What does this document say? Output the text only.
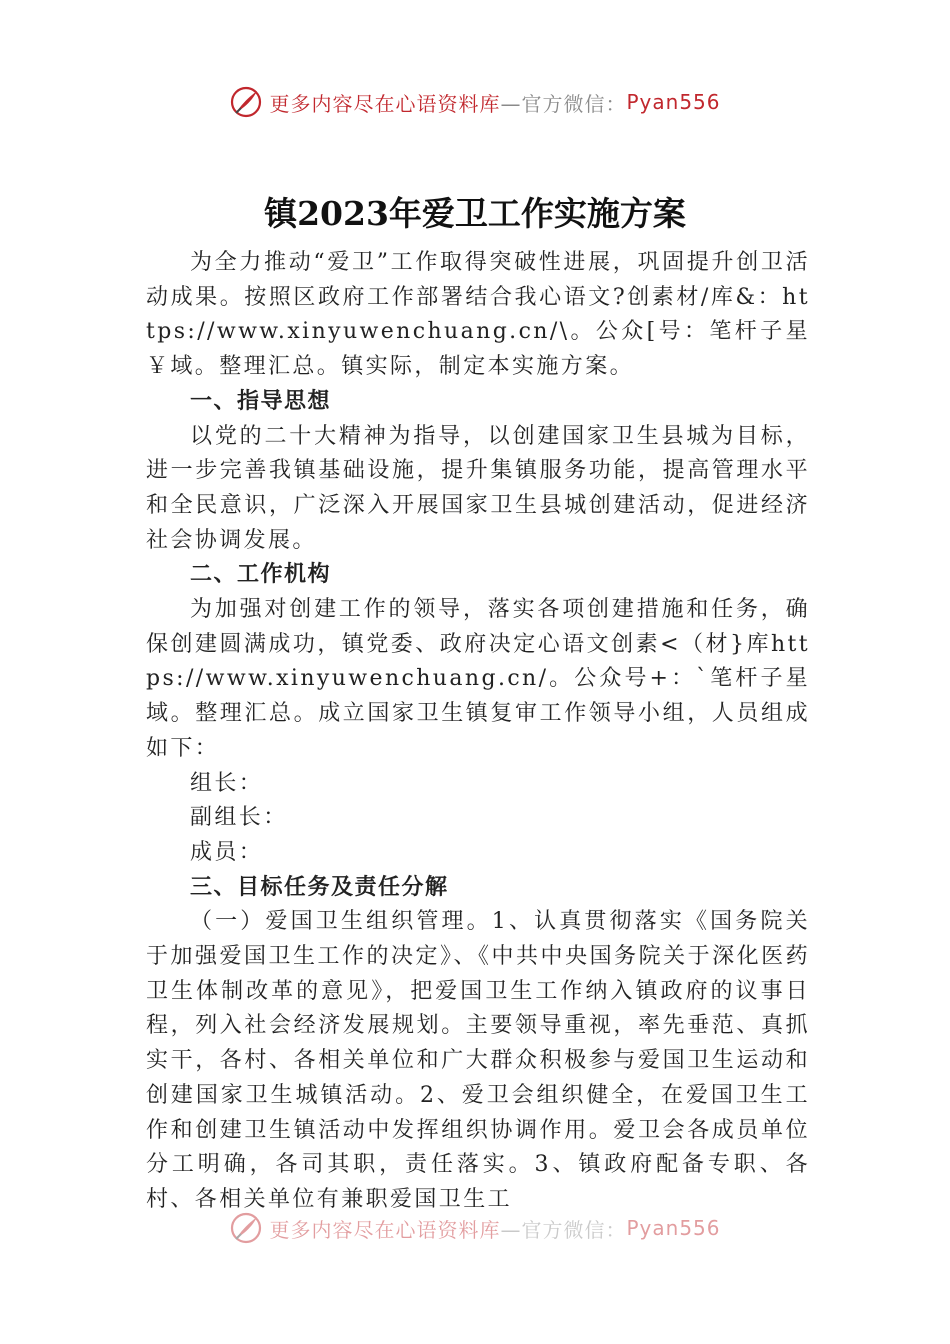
更多内容尽在心语资料库 —官方微信： Pyan556
镇2023年爱卫工作实施方案

为全力推动“爱卫”工作取得突破性进展，巩固提升创卫活动成果。按照区政府工作部署结合我心语文?创素材/库&：https://www.xinyuwenchuang.cn/\。公众[号：笔杆子星￥域。整理汇总。镇实际，制定本实施方案。

一、指导思想

以党的二十大精神为指导，以创建国家卫生县城为目标，进一步完善我镇基础设施，提升集镇服务功能，提高管理水平和全民意识，广泛深入开展国家卫生县城创建活动，促进经济社会协调发展。

二、工作机构

为加强对创建工作的领导，落实各项创建措施和任务，确保创建圆满成功，镇党委、政府决定心语文创素<（材}库https://www.xinyuwenchuang.cn/。公众号+：`笔杆子星域。整理汇总。成立国家卫生镇复审工作领导小组，人员组成如下：

组长：

副组长：

成员：

三、目标任务及责任分解

（一）爱国卫生组织管理。1、认真贯彻落实《国务院关于加强爱国卫生工作的决定》、《中共中央国务院关于深化医药卫生体制改革的意见》，把爱国卫生工作纳入镇政府的议事日程，列入社会经济发展规划。主要领导重视，率先垂范、真抓实干，各村、各相关单位和广大群众积极参与爱国卫生运动和创建国家卫生城镇活动。2、爱卫会组织健全，在爱国卫生工作和创建卫生镇活动中发挥组织协调作用。爱卫会各成员单位分工明确，各司其职，责任落实。3、镇政府配备专职、各村、各相关单位有兼职爱国卫生工

更多内容尽在心语资料库 —官方微信： Pyan556
